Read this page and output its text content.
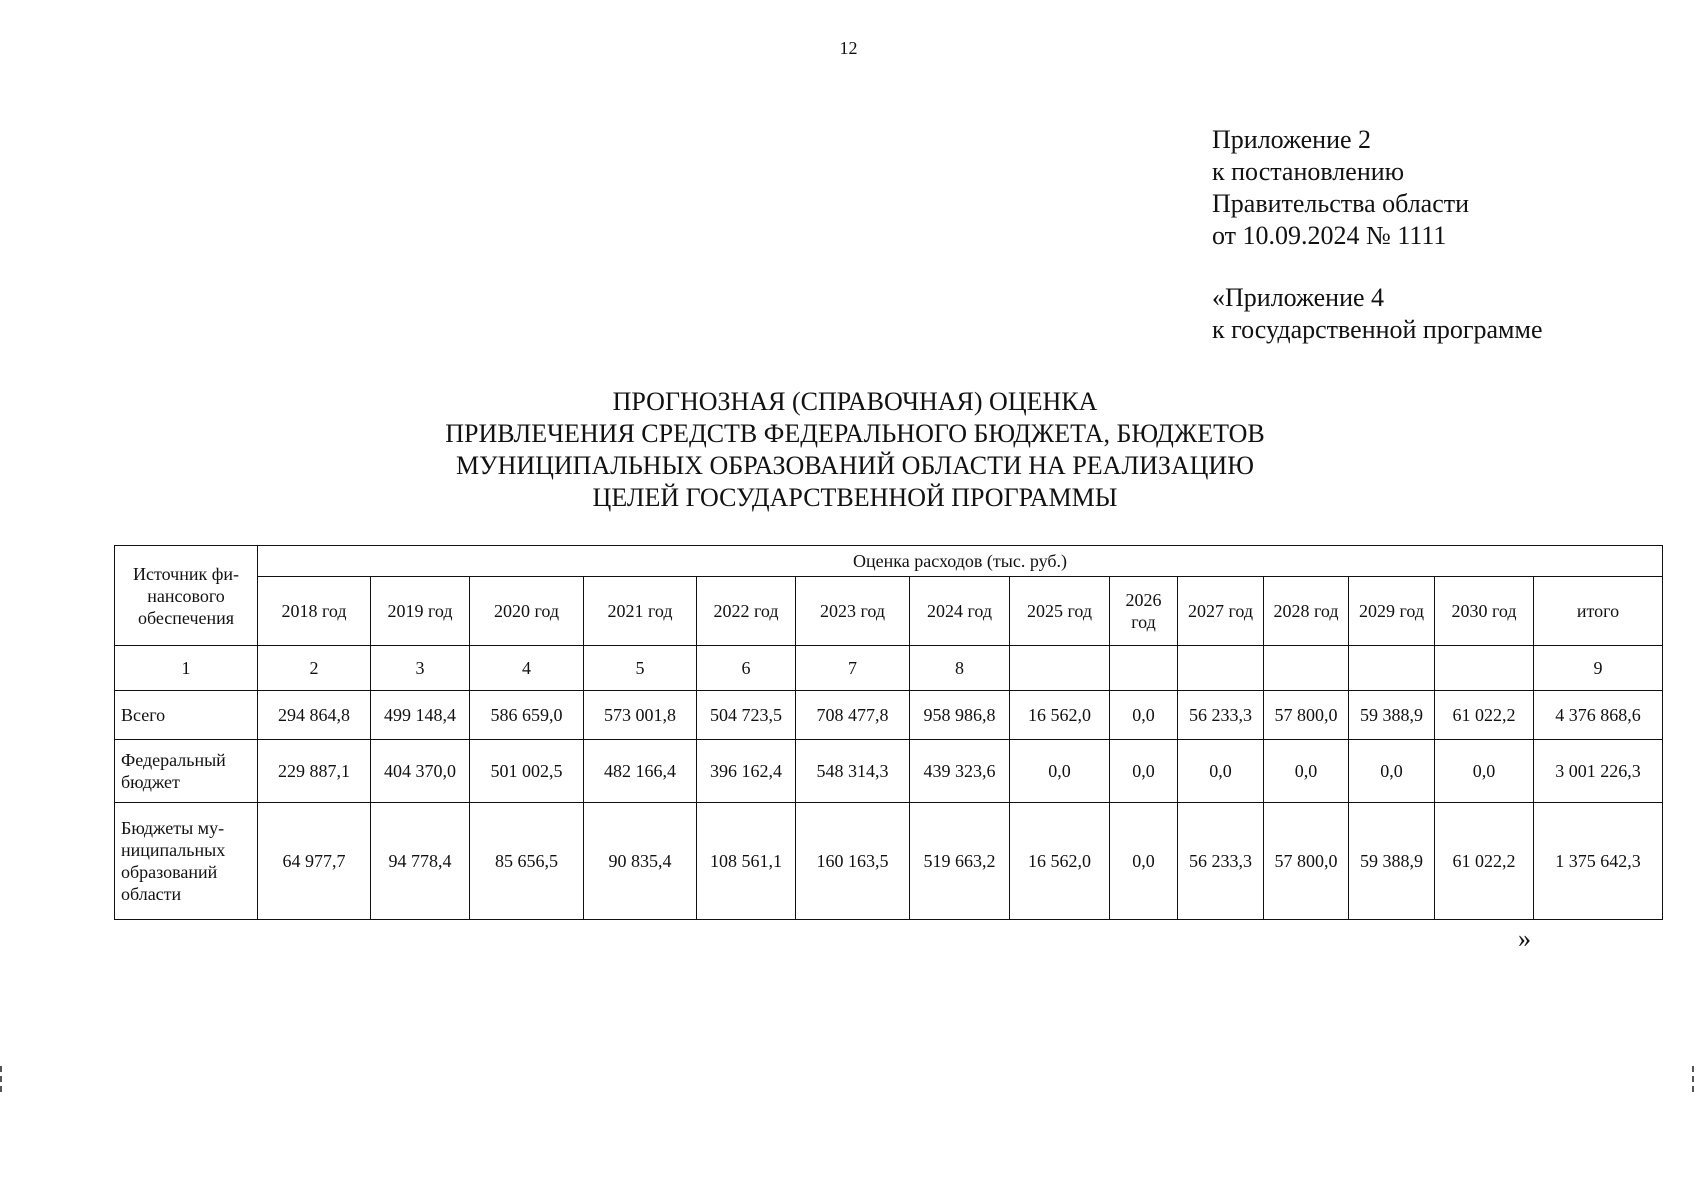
12
Приложение 2
к постановлению
Правительства области
от 10.09.2024 № 1111
«Приложение 4
к государственной программе
ПРОГНОЗНАЯ (СПРАВОЧНАЯ) ОЦЕНКА
ПРИВЛЕЧЕНИЯ СРЕДСТВ ФЕДЕРАЛЬНОГО БЮДЖЕТА, БЮДЖЕТОВ
МУНИЦИПАЛЬНЫХ ОБРАЗОВАНИЙ ОБЛАСТИ НА РЕАЛИЗАЦИЮ
ЦЕЛЕЙ ГОСУДАРСТВЕННОЙ ПРОГРАММЫ
Источник фи- нансового обеспечения	Оценка расходов (тыс. руб.)													
	2018 год	2019 год	2020 год	2021 год	2022 год	2023 год	2024 год	2025 год	2026 год	2027 год	2028 год	2029 год	2030 год	итого
1	2	3	4	5	6	7	8							9
Всего	294 864,8	499 148,4	586 659,0	573 001,8	504 723,5	708 477,8	958 986,8	16 562,0	0,0	56 233,3	57 800,0	59 388,9	61 022,2	4 376 868,6
Федеральный бюджет	229 887,1	404 370,0	501 002,5	482 166,4	396 162,4	548 314,3	439 323,6	0,0	0,0	0,0	0,0	0,0	0,0	3 001 226,3
Бюджеты му- ниципальных образований области	64 977,7	94 778,4	85 656,5	90 835,4	108 561,1	160 163,5	519 663,2	16 562,0	0,0	56 233,3	57 800,0	59 388,9	61 022,2	1 375 642,3
»
